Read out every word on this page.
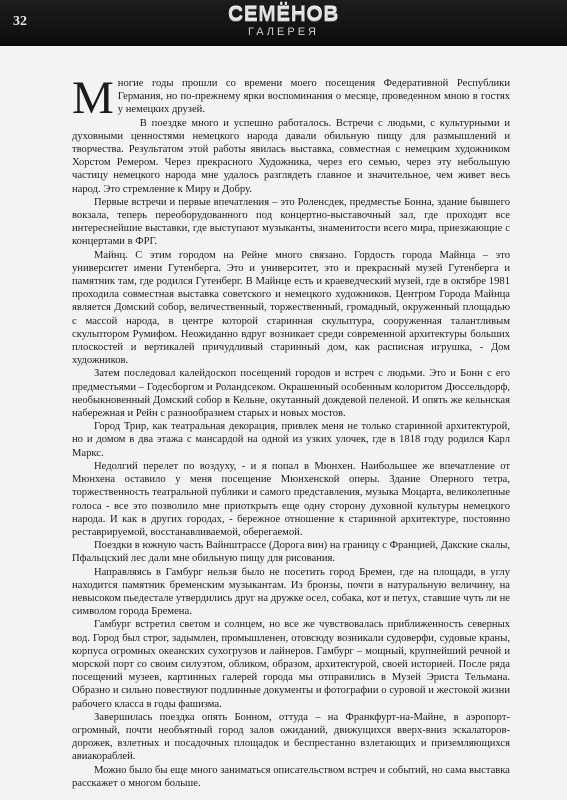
32	СЕМЁНОВ
ГАЛЕРЕЯ

Многие годы прошли со времени моего посещения Федеративной Республики Германия, но по-прежнему ярки воспоминания о месяце, проведенном мною в гостях у немецких друзей.

В поездке много и успешно работалось. Встречи с людьми, с культурными и духовными ценностями немецкого народа давали обильную пищу для размышлений и творчества. Результатом этой работы явилась выставка, совместная с немецким художником Хорстом Ремером. Через прекрасного Художника, через его семью, через эту небольшую частицу немецкого народа мне удалось разглядеть главное и значительное, чем живет весь народ. Это стремление к Миру и Добру.

Первые встречи и первые впечатления – это Роленсдек, предместье Бонна, здание бывшего вокзала, теперь переоборудованного под концертно-выставочный зал, где проходят все интереснейшие выставки, где выступают музыканты, знаменитости всего мира, приезжающие с концертами в ФРГ.

Майнц. С этим городом на Рейне много связано. Гордость города Майнца – это университет имени Гутенберга. Это и университет, это и прекрасный музей Гутенберга и памятник там, где родился Гутенберг. В Майнце есть и краеведческий музей, где в октябре 1981 проходила совместная выставка советского и немецкого художников. Центром Города Майнца является Домский собор, величественный, торжественный, громадный, окруженный площадью с массой народа, в центре которой старинная скульптура, сооруженная талантливым скульптором Румифом. Неожиданно вдруг возникает среди современной архитектуры больших плоскостей и вертикалей причудливый старинный дом, как расписная игрушка, - Дом художников.

Затем последовал калейдоскоп посещений городов и встреч с людьми. Это и Бонн с его предместьями – Годесборгом и Роландсеком. Окрашенный особенным колоритом Дюссельдорф, необыкновенный Домский собор в Кельне, окутанный дождевой пеленой. И опять же кельнская набережная и Рейн с разнообразием старых и новых мостов.

Город Трир, как театральная декорация, привлек меня не только старинной архитектурой, но и домом в два этажа с мансардой на одной из узких улочек, где в 1818 году родился Карл Маркс.

Недолгий перелет по воздуху, - и я попал в Мюнхен. Наибольшее же впечатление от Мюнхена оставило у меня посещение Мюнхенской оперы. Здание Оперного тетра, торжественность театральной публики и самого представления, музыка Моцарта, великолепные голоса - все это позволило мне приоткрыть еще одну сторону духовной культуры немецкого народа. И как в других городах, - бережное отношение к старинной архитектуре, постоянно реставрируемой, восстанавливаемой, оберегаемой.

Поездки в южную часть Вайнштрассе (Дорога вин) на границу с Францией, Дакские скалы, Пфальцский лес дали мне обильную пищу для рисования.

Направляясь в Гамбург нельзя было не посетить город Бремен, где на площади, в углу находится памятник бременским музыкантам. Из бронзы, почти в натуральную величину, на невысоком пьедестале утвердились друг на дружке осел, собака, кот и петух, ставшие чуть ли не символом города Бремена.

Гамбург встретил светом и солнцем, но все же чувствовалась приближенность северных вод. Город был строг, задымлен, промышленен, отовсюду возникали судоверфи, судовые краны, корпуса огромных океанских сухогрузов и лайнеров. Гамбург – мощный, крупнейший речной и морской порт со своим силуэтом, обликом, образом, архитектурой, своей историей. После ряда посещений музеев, картинных галерей города мы отправились в Музей Эриста Тельмана. Образно и сильно повествуют подлинные документы и фотографии о суровой и жестокой жизни рабочего класса в годы фашизма.

Завершилась поездка опять Бонном, оттуда – на Франкфурт-на-Майне, в аэропорт- огромный, почти необъятный город залов ожиданий, движущихся вверх-вниз эскалаторов-дорожек, взлетных и посадочных площадок и беспрестанно взлетающих и приземляющихся авиакораблей.

Можно было бы еще много заниматься описательством встреч и событий, но сама выставка расскажет о многом больше.
